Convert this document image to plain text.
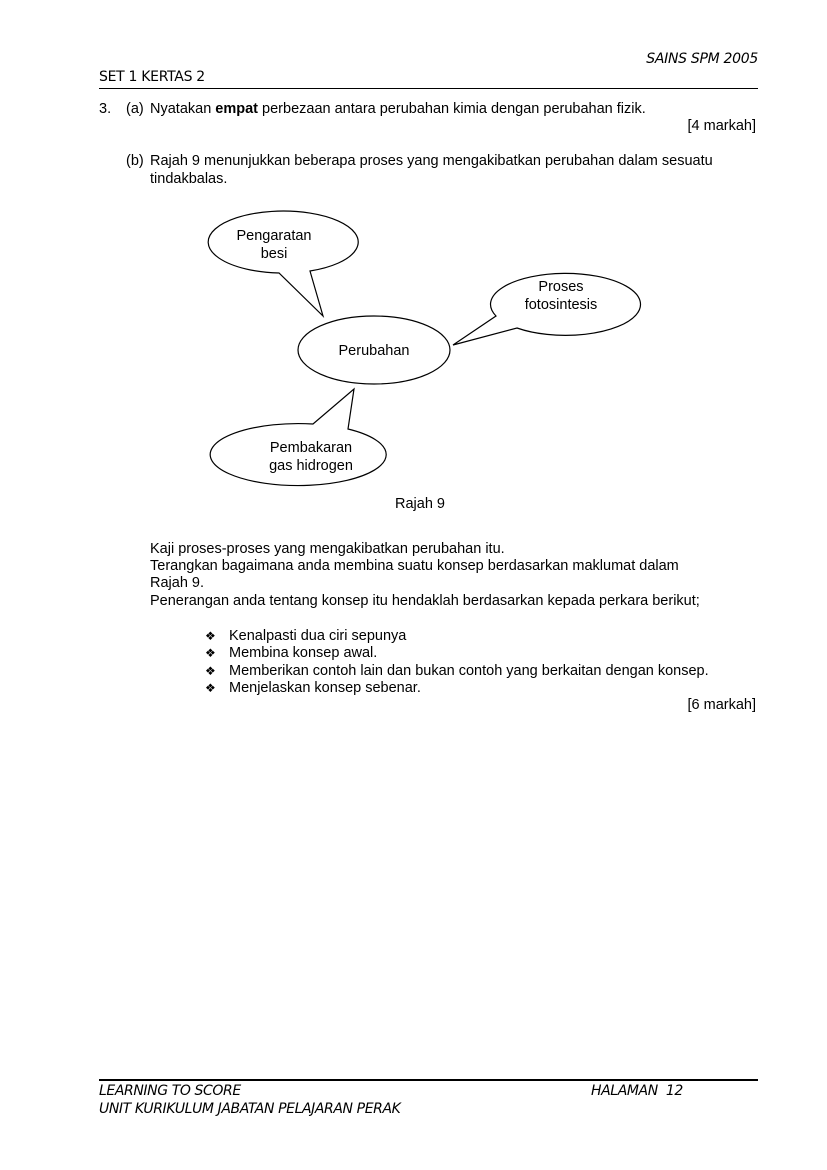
SAINS SPM 2005
SET 1 KERTAS 2
3. (a) Nyatakan empat perbezaan antara perubahan kimia dengan perubahan fizik.
[4 markah]
(b) Rajah 9 menunjukkan beberapa proses yang mengakibatkan perubahan dalam sesuatu
tindakbalas.
Pengaratan
besi
Proses
fotosintesis
Perubahan
Pembakaran
gas hidrogen
Rajah 9
Kaji proses-proses yang mengakibatkan perubahan itu.
Terangkan bagaimana anda membina suatu konsep berdasarkan maklumat dalam
Rajah 9.
Penerangan anda tentang konsep itu hendaklah berdasarkan kepada perkara berikut;
❖ Kenalpasti dua ciri sepunya
❖ Membina konsep awal.
❖ Memberikan contoh lain dan bukan contoh yang berkaitan dengan konsep.
❖ Menjelaskan konsep sebenar.
[6 markah]
LEARNING TO SCORE
UNIT KURIKULUM JABATAN PELAJARAN PERAK
HALAMAN  12
